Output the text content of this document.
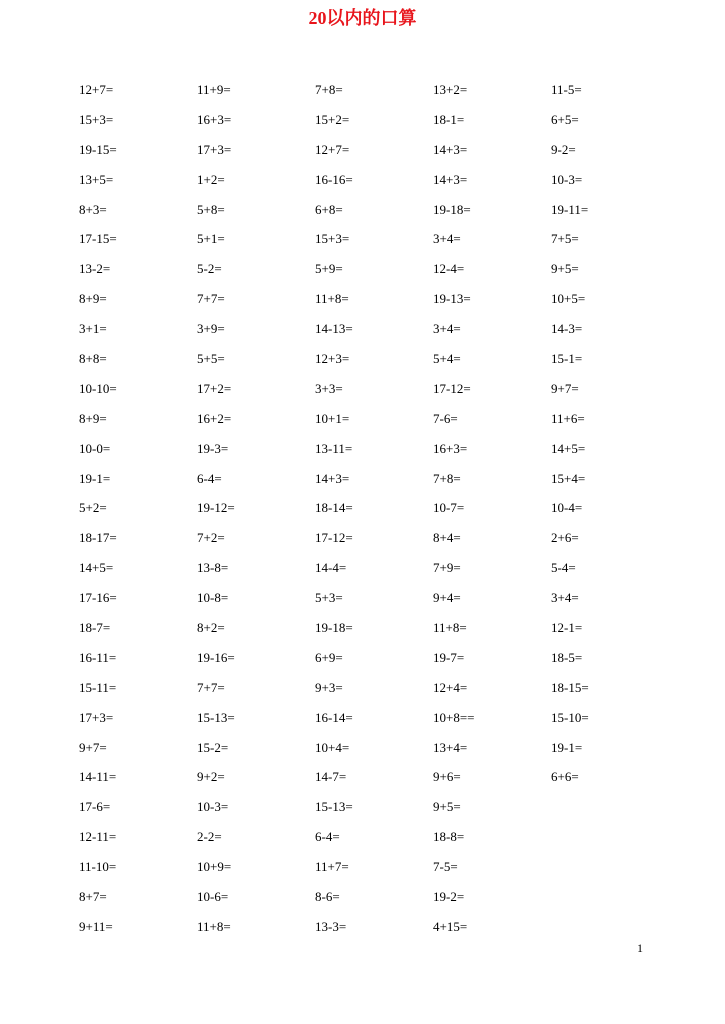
20以内的口算
12+7=
15+3=
19-15=
13+5=
8+3=
17-15=
13-2=
8+9=
3+1=
8+8=
10-10=
8+9=
10-0=
19-1=
5+2=
18-17=
14+5=
17-16=
18-7=
16-11=
15-11=
17+3=
9+7=
14-11=
17-6=
12-11=
11-10=
8+7=
9+11=
11+9=
16+3=
17+3=
1+2=
5+8=
5+1=
5-2=
7+7=
3+9=
5+5=
17+2=
16+2=
19-3=
6-4=
19-12=
7+2=
13-8=
10-8=
8+2=
19-16=
7+7=
15-13=
15-2=
9+2=
10-3=
2-2=
10+9=
10-6=
11+8=
7+8=
15+2=
12+7=
16-16=
6+8=
15+3=
5+9=
11+8=
14-13=
12+3=
3+3=
10+1=
13-11=
14+3=
18-14=
17-12=
14-4=
5+3=
19-18=
6+9=
9+3=
16-14=
10+4=
14-7=
15-13=
6-4=
11+7=
8-6=
13-3=
13+2=
18-1=
14+3=
14+3=
19-18=
3+4=
12-4=
19-13=
3+4=
5+4=
17-12=
7-6=
16+3=
7+8=
10-7=
8+4=
7+9=
9+4=
11+8=
19-7=
12+4=
10+8==
13+4=
9+6=
9+5=
18-8=
7-5=
19-2=
4+15=
11-5=
6+5=
9-2=
10-3=
19-11=
7+5=
9+5=
10+5=
14-3=
15-1=
9+7=
11+6=
14+5=
15+4=
10-4=
2+6=
5-4=
3+4=
12-1=
18-5=
18-15=
15-10=
19-1=
6+6=
1
